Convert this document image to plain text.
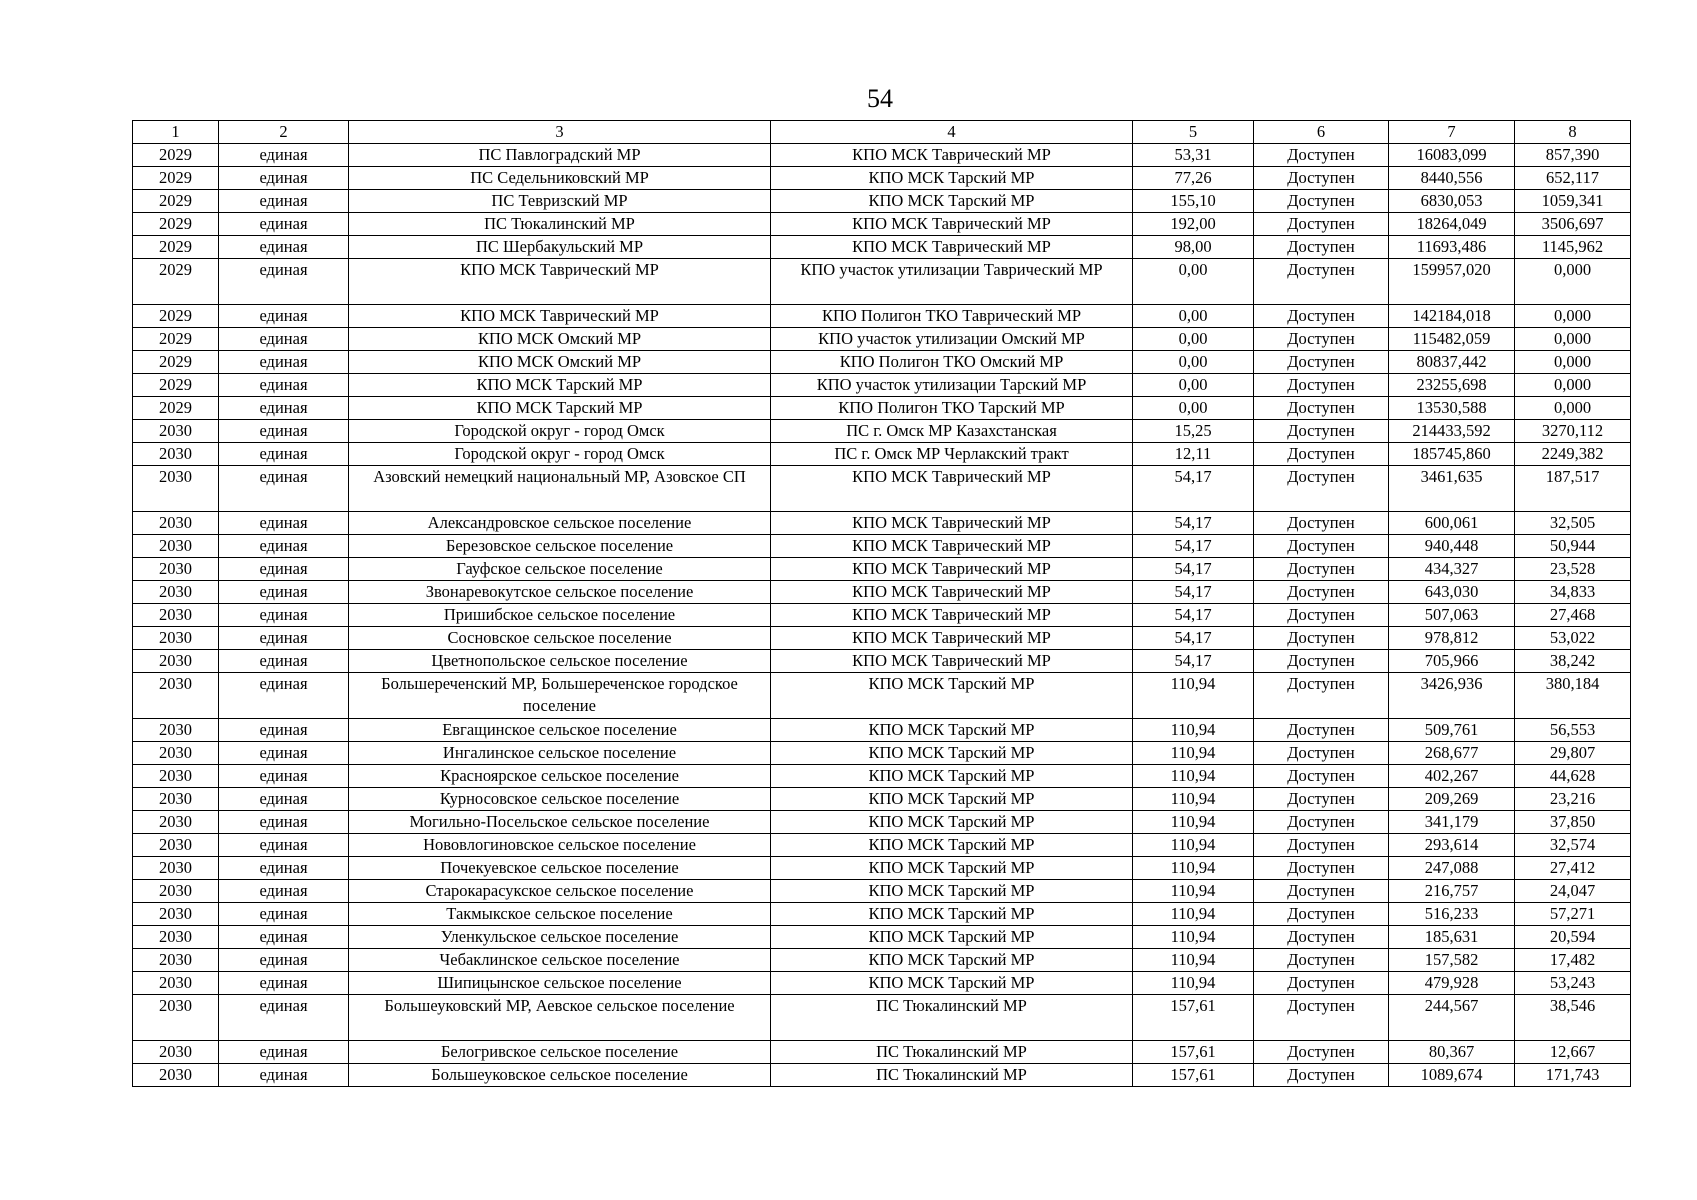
54
1	2	3	4	5	6	7	8
2029	единая	ПС Павлоградский МР	КПО МСК Таврический МР	53,31	Доступен	16083,099	857,390
2029	единая	ПС Седельниковский МР	КПО МСК Тарский МР	77,26	Доступен	8440,556	652,117
2029	единая	ПС Тевризский МР	КПО МСК Тарский МР	155,10	Доступен	6830,053	1059,341
2029	единая	ПС Тюкалинский МР	КПО МСК Таврический МР	192,00	Доступен	18264,049	3506,697
2029	единая	ПС Шербакульский МР	КПО МСК Таврический МР	98,00	Доступен	11693,486	1145,962
2029	единая	КПО МСК Таврический МР	КПО участок утилизации Таврический МР	0,00	Доступен	159957,020	0,000
2029	единая	КПО МСК Таврический МР	КПО Полигон ТКО Таврический МР	0,00	Доступен	142184,018	0,000
2029	единая	КПО МСК Омский МР	КПО участок утилизации Омский МР	0,00	Доступен	115482,059	0,000
2029	единая	КПО МСК Омский МР	КПО Полигон ТКО Омский МР	0,00	Доступен	80837,442	0,000
2029	единая	КПО МСК Тарский МР	КПО участок утилизации Тарский МР	0,00	Доступен	23255,698	0,000
2029	единая	КПО МСК Тарский МР	КПО Полигон ТКО Тарский МР	0,00	Доступен	13530,588	0,000
2030	единая	Городской округ - город Омск	ПС г. Омск МР Казахстанская	15,25	Доступен	214433,592	3270,112
2030	единая	Городской округ - город Омск	ПС г. Омск МР Черлакский тракт	12,11	Доступен	185745,860	2249,382
2030	единая	Азовский немецкий национальный МР, Азовское СП	КПО МСК Таврический МР	54,17	Доступен	3461,635	187,517
2030	единая	Александровское сельское поселение	КПО МСК Таврический МР	54,17	Доступен	600,061	32,505
2030	единая	Березовское сельское поселение	КПО МСК Таврический МР	54,17	Доступен	940,448	50,944
2030	единая	Гауфское сельское поселение	КПО МСК Таврический МР	54,17	Доступен	434,327	23,528
2030	единая	Звонаревокутское сельское поселение	КПО МСК Таврический МР	54,17	Доступен	643,030	34,833
2030	единая	Пришибское сельское поселение	КПО МСК Таврический МР	54,17	Доступен	507,063	27,468
2030	единая	Сосновское сельское поселение	КПО МСК Таврический МР	54,17	Доступен	978,812	53,022
2030	единая	Цветнопольское сельское поселение	КПО МСК Таврический МР	54,17	Доступен	705,966	38,242
2030	единая	Большереченский МР, Большереченское городское поселение	КПО МСК Тарский МР	110,94	Доступен	3426,936	380,184
2030	единая	Евгащинское сельское поселение	КПО МСК Тарский МР	110,94	Доступен	509,761	56,553
2030	единая	Ингалинское сельское поселение	КПО МСК Тарский МР	110,94	Доступен	268,677	29,807
2030	единая	Красноярское сельское поселение	КПО МСК Тарский МР	110,94	Доступен	402,267	44,628
2030	единая	Курносовское сельское поселение	КПО МСК Тарский МР	110,94	Доступен	209,269	23,216
2030	единая	Могильно-Посельское сельское поселение	КПО МСК Тарский МР	110,94	Доступен	341,179	37,850
2030	единая	Нововлогиновское сельское поселение	КПО МСК Тарский МР	110,94	Доступен	293,614	32,574
2030	единая	Почекуевское сельское поселение	КПО МСК Тарский МР	110,94	Доступен	247,088	27,412
2030	единая	Старокарасукское сельское поселение	КПО МСК Тарский МР	110,94	Доступен	216,757	24,047
2030	единая	Такмыкское сельское поселение	КПО МСК Тарский МР	110,94	Доступен	516,233	57,271
2030	единая	Уленкульское сельское поселение	КПО МСК Тарский МР	110,94	Доступен	185,631	20,594
2030	единая	Чебаклинское сельское поселение	КПО МСК Тарский МР	110,94	Доступен	157,582	17,482
2030	единая	Шипицынское сельское поселение	КПО МСК Тарский МР	110,94	Доступен	479,928	53,243
2030	единая	Большеуковский МР, Аевское сельское поселение	ПС Тюкалинский МР	157,61	Доступен	244,567	38,546
2030	единая	Белогривское сельское поселение	ПС Тюкалинский МР	157,61	Доступен	80,367	12,667
2030	единая	Большеуковское сельское поселение	ПС Тюкалинский МР	157,61	Доступен	1089,674	171,743
